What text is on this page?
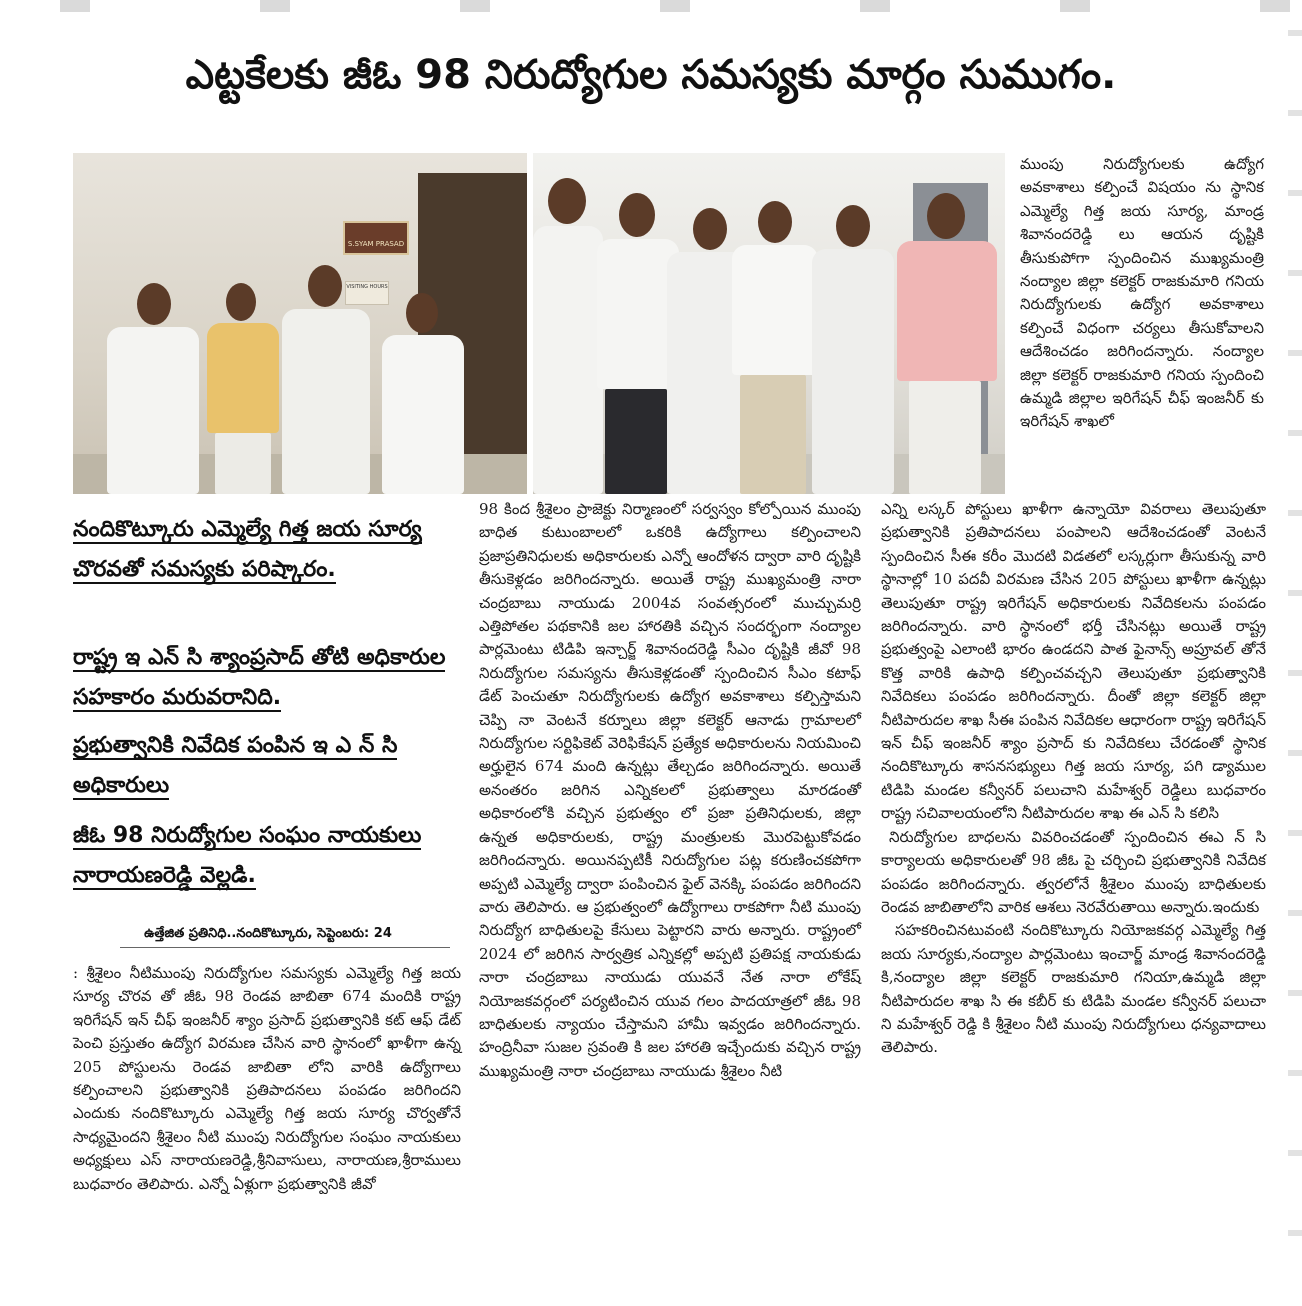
ఎట్టకేలకు జీఓ 98 నిరుద్యోగుల సమస్యకు మార్గం సుముగం.
S.SYAM PRASAD
VISITING HOURS
నందికొట్కూరు ఎమ్మెల్యే గిత్త జయ సూర్య చొరవతో సమస్యకు పరిష్కారం.
రాష్ట్ర ఇ ఎన్ సి శ్యాంప్రసాద్ తోటి అధికారుల సహకారం మరువరానిది.
ప్రభుత్వానికి నివేదిక పంపిన ఇ ఎ న్ సి అధికారులు
జీఓ 98 నిరుద్యోగుల సంఘం నాయకులు నారాయణరెడ్డి వెల్లడి.
ఉత్తేజిత ప్రతినిధి..నందికొట్కూరు, సెప్టెంబరు: 24

ముంపు నిరుద్యోగులకు ఉద్యోగ అవకాశాలు కల్పించే విషయం ను స్థానిక ఎమ్మెల్యే గిత్త జయ సూర్య, మాండ్ర శివానందరెడ్డి లు ఆయన దృష్టికి తీసుకుపోగా స్పందించిన ముఖ్యమంత్రి నంద్యాల జిల్లా కలెక్టర్ రాజకుమారి గనియ నిరుద్యోగులకు ఉద్యోగ అవకాశాలు కల్పించే విధంగా చర్యలు తీసుకోవాలని ఆదేశించడం జరిగిందన్నారు. నంద్యాల జిల్లా కలెక్టర్ రాజకుమారి గనియ స్పందించి ఉమ్మడి జిల్లాల ఇరిగేషన్ చీఫ్ ఇంజనీర్ కు ఇరిగేషన్ శాఖలో

: శ్రీశైలం నీటిముంపు నిరుద్యోగుల సమస్యకు ఎమ్మెల్యే గిత్త జయ సూర్య చొరవ తో జీఓ 98 రెండవ జాబితా 674 మందికి రాష్ట్ర ఇరిగేషన్ ఇన్ చీఫ్ ఇంజనీర్ శ్యాం ప్రసాద్ ప్రభుత్వానికి కట్ ఆఫ్ డేట్ పెంచి ప్రస్తుతం ఉద్యోగ విరమణ చేసిన వారి స్థానంలో ఖాళీగా ఉన్న 205 పోస్టులను రెండవ జాబితా లోని వారికి ఉద్యోగాలు కల్పించాలని ప్రభుత్వానికి ప్రతిపాదనలు పంపడం జరిగిందని ఎందుకు నందికొట్కూరు ఎమ్మెల్యే గిత్త జయ సూర్య చొర్వతోనే సాధ్యమైందని శ్రీశైలం నీటి ముంపు నిరుద్యోగుల సంఘం నాయకులు అధ్యక్షులు ఎస్ నారాయణరెడ్డి,శ్రీనివాసులు, నారాయణ,శ్రీరాములు బుధవారం తెలిపారు. ఎన్నో ఏళ్లుగా ప్రభుత్వానికి జీవో

98 కింద శ్రీశైలం ప్రాజెక్టు నిర్మాణంలో సర్వస్వం కోల్పోయిన ముంపు బాధిత కుటుంబాలలో ఒకరికి ఉద్యోగాలు కల్పించాలని ప్రజాప్రతినిధులకు అధికారులకు ఎన్నో ఆందోళన ద్వారా వారి దృష్టికి తీసుకెళ్లడం జరిగిందన్నారు. అయితే రాష్ట్ర ముఖ్యమంత్రి నారా చంద్రబాబు నాయుడు 2004వ సంవత్సరంలో ముచ్చుమర్రి ఎత్తిపోతల పథకానికి జల హారతికి వచ్చిన సందర్భంగా నంద్యాల పార్లమెంటు టిడిపి ఇన్చార్జ్ శివానందరెడ్డి సీఎం దృష్టికి జీవో 98 నిరుద్యోగుల సమస్యను తీసుకెళ్లడంతో స్పందించిన సీఎం కటాఫ్ డేట్ పెంచుతూ నిరుద్యోగులకు ఉద్యోగ అవకాశాలు కల్పిస్తామని చెప్పి నా వెంటనే కర్నూలు జిల్లా కలెక్టర్ ఆనాడు గ్రామాలలో నిరుద్యోగుల సర్టిఫికెట్ వెరిఫికేషన్ ప్రత్యేక అధికారులను నియమించి అర్హులైన 674 మంది ఉన్నట్లు తేల్చడం జరిగిందన్నారు. అయితే అనంతరం జరిగిన ఎన్నికలలో ప్రభుత్వాలు మారడంతో అధికారంలోకి వచ్చిన ప్రభుత్వం లో ప్రజా ప్రతినిధులకు, జిల్లా ఉన్నత అధికారులకు, రాష్ట్ర మంత్రులకు మొరపెట్టుకోవడం జరిగిందన్నారు. అయినప్పటికీ నిరుద్యోగుల పట్ల కరుణించకపోగా అప్పటి ఎమ్మెల్యే ద్వారా పంపించిన ఫైల్ వెనక్కి పంపడం జరిగిందని వారు తెలిపారు. ఆ ప్రభుత్వంలో ఉద్యోగాలు రాకపోగా నీటి ముంపు నిరుద్యోగ బాధితులపై కేసులు పెట్టారని వారు అన్నారు. రాష్ట్రంలో 2024 లో జరిగిన సార్వత్రిక ఎన్నికల్లో అప్పటి ప్రతిపక్ష నాయకుడు నారా చంద్రబాబు నాయుడు యువనే నేత నారా లోకేష్ నియోజకవర్గంలో పర్యటించిన యువ గలం పాదయాత్రలో జీఓ 98 బాధితులకు న్యాయం చేస్తామని హామీ ఇవ్వడం జరిగిందన్నారు. హంద్రినీవా సుజల స్రవంతి కి జల హారతి ఇచ్చేందుకు వచ్చిన రాష్ట్ర ముఖ్యమంత్రి నారా చంద్రబాబు నాయుడు శ్రీశైలం నీటి

ఎన్ని లస్కర్ పోస్టులు ఖాళీగా ఉన్నాయో వివరాలు తెలుపుతూ ప్రభుత్వానికి ప్రతిపాదనలు పంపాలని ఆదేశించడంతో వెంటనే స్పందించిన సీఈ కరీం మొదటి విడతలో లస్కర్లుగా తీసుకున్న వారి స్థానాల్లో 10 పదవీ విరమణ చేసిన 205 పోస్టులు ఖాళీగా ఉన్నట్లు తెలుపుతూ రాష్ట్ర ఇరిగేషన్ అధికారులకు నివేదికలను పంపడం జరిగిందన్నారు. వారి స్థానంలో భర్తీ చేసినట్లు అయితే రాష్ట్ర ప్రభుత్వంపై ఎలాంటి భారం ఉండదని పాత ఫైనాన్స్ అప్రూవల్ తోనే కొత్త వారికి ఉపాధి కల్పించవచ్చని తెలుపుతూ ప్రభుత్వానికి నివేదికలు పంపడం జరిగిందన్నారు. దీంతో జిల్లా కలెక్టర్ జిల్లా నీటిపారుదల శాఖ సీఈ పంపిన నివేదికల ఆధారంగా రాష్ట్ర ఇరిగేషన్ ఇన్ చీఫ్ ఇంజనీర్ శ్యాం ప్రసాద్ కు నివేదికలు చేరడంతో స్థానిక నందికొట్కూరు శాసనసభ్యులు గిత్త జయ సూర్య, పగి డ్యాముల టిడిపి మండల కన్వీనర్ పలుచాని మహేశ్వర్ రెడ్డిలు బుధవారం రాష్ట్ర సచివాలయంలోని నీటిపారుదల శాఖ ఈ ఎన్ సి కలిసి

నిరుద్యోగుల బాధలను వివరించడంతో స్పందించిన ఈఎ న్ సి కార్యాలయ అధికారులతో 98 జీఓ పై చర్చించి ప్రభుత్వానికి నివేదిక పంపడం జరిగిందన్నారు. త్వరలోనే శ్రీశైలం ముంపు బాధితులకు రెండవ జాబితాలోని వారిక ఆశలు నెరవేరుతాయి అన్నారు.ఇందుకు

సహకరించినటువంటి నందికొట్కూరు నియోజకవర్గ ఎమ్మెల్యే గిత్త జయ సూర్యకు,నంద్యాల పార్లమెంటు ఇంచార్జ్ మాండ్ర శివానందరెడ్డి కి,నంద్యాల జిల్లా కలెక్టర్ రాజకుమారి గనియా,ఉమ్మడి జిల్లా నీటిపారుదల శాఖ సి ఈ కబీర్ కు టిడిపి మండల కన్వీనర్ పలుచా ని మహేశ్వర్ రెడ్డి కి శ్రీశైలం నీటి ముంపు నిరుద్యోగులు ధన్యవాదాలు తెలిపారు.
